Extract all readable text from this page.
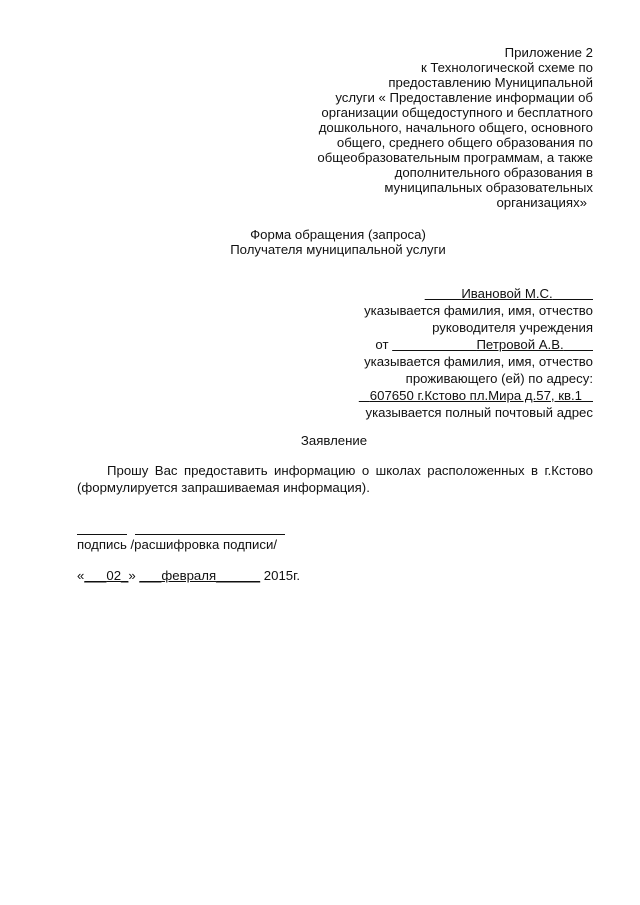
Приложение 2
к Технологической схеме по
предоставлению Муниципальной
услуги « Предоставление информации об
организации общедоступного и бесплатного
дошкольного, начального общего, основного
общего, среднего общего образования по
общеобразовательным программам, а также
дополнительного образования в
муниципальных образовательных
организациях»
Форма обращения (запроса)
Получателя муниципальной услуги
Ивановой М.С.
указывается фамилия, имя, отчество
руководителя учреждения
от	Петровой А.В.
указывается фамилия, имя, отчество
проживающего (ей) по адресу:
607650 г.Кстово пл.Мира д.57, кв.1
указывается полный почтовый адрес
Заявление
Прошу Вас предоставить информацию о школах расположенных в г.Кстово (формулируется запрашиваемая информация).

подпись /расшифровка подписи/
«___02_» ___февраля______ 2015г.
